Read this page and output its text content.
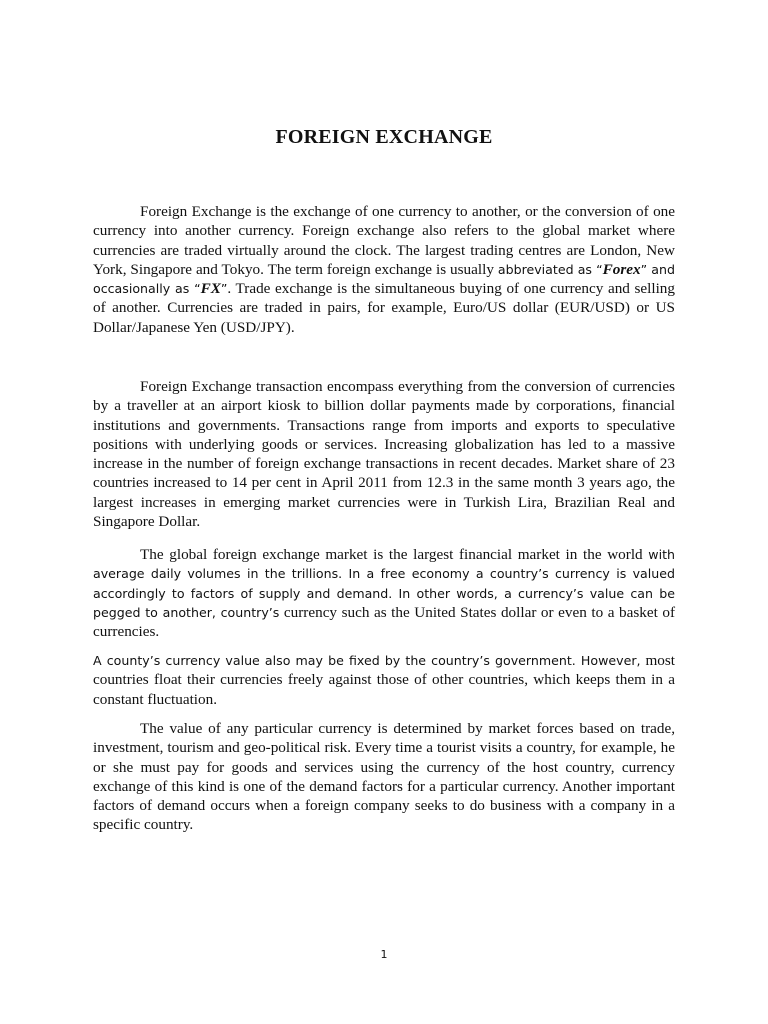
FOREIGN EXCHANGE

Foreign Exchange is the exchange of one currency to another, or the conversion of one currency into another currency. Foreign exchange also refers to the global market where currencies are traded virtually around the clock. The largest trading centres are London, New York, Singapore and Tokyo. The term foreign exchange is usually abbreviated as “Forex” and occasionally as “FX”. Trade exchange is the simultaneous buying of one currency and selling of another. Currencies are traded in pairs, for example, Euro/US dollar (EUR/USD) or US Dollar/Japanese Yen (USD/JPY).

Foreign Exchange transaction encompass everything from the conversion of currencies by a traveller at an airport kiosk to billion dollar payments made by corporations, financial institutions and governments. Transactions range from imports and exports to speculative positions with underlying goods or services. Increasing globalization has led to a massive increase in the number of foreign exchange transactions in recent decades. Market share of 23 countries increased to 14 per cent in April 2011 from 12.3 in the same month 3 years ago, the largest increases in emerging market currencies were in Turkish Lira, Brazilian Real and Singapore Dollar.

The global foreign exchange market is the largest financial market in the world with average daily volumes in the trillions. In a free economy a country’s currency is valued accordingly to factors of supply and demand. In other words, a currency’s value can be pegged to another, country’s currency such as the United States dollar or even to a basket of currencies.

A county’s currency value also may be fixed by the country’s government. However, most countries float their currencies freely against those of other countries, which keeps them in a constant fluctuation.

The value of any particular currency is determined by market forces based on trade, investment, tourism and geo-political risk. Every time a tourist visits a country, for example, he or she must pay for goods and services using the currency of the host country, currency exchange of this kind is one of the demand factors for a particular currency. Another important factors of demand occurs when a foreign company seeks to do business with a company in a specific country.

1
